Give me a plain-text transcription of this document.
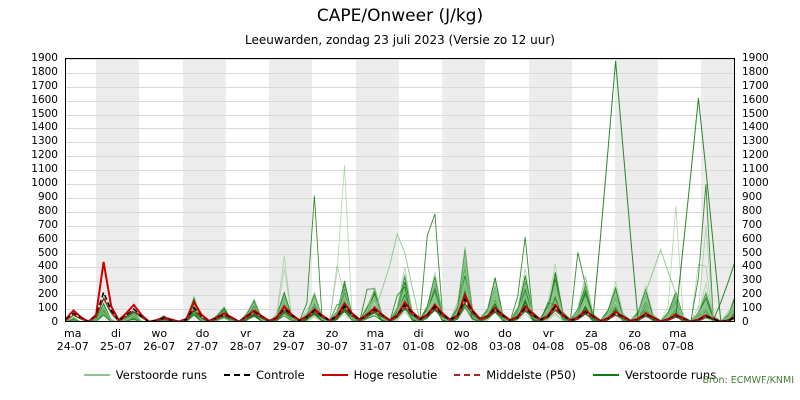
CAPE/Onweer (J/kg)
Leeuwarden, zondag 23 juli 2023 (Versie zo 12 uur)
0
100
200
300
400
500
600
700
800
900
1000
1100
1200
1300
1400
1500
1600
1700
1800
1900
0
100
200
300
400
500
600
700
800
900
1000
1100
1200
1300
1400
1500
1600
1700
1800
1900
ma
24-07
di
25-07
wo
26-07
do
27-07
vr
28-07
za
29-07
zo
30-07
ma
31-07
di
01-08
wo
02-08
do
03-08
vr
04-08
za
05-08
zo
06-08
ma
07-08
Verstoorde runs	Controle	Hoge resolutie	Middelste (P50)	Verstoorde runs
Bron: ECMWF/KNMI
